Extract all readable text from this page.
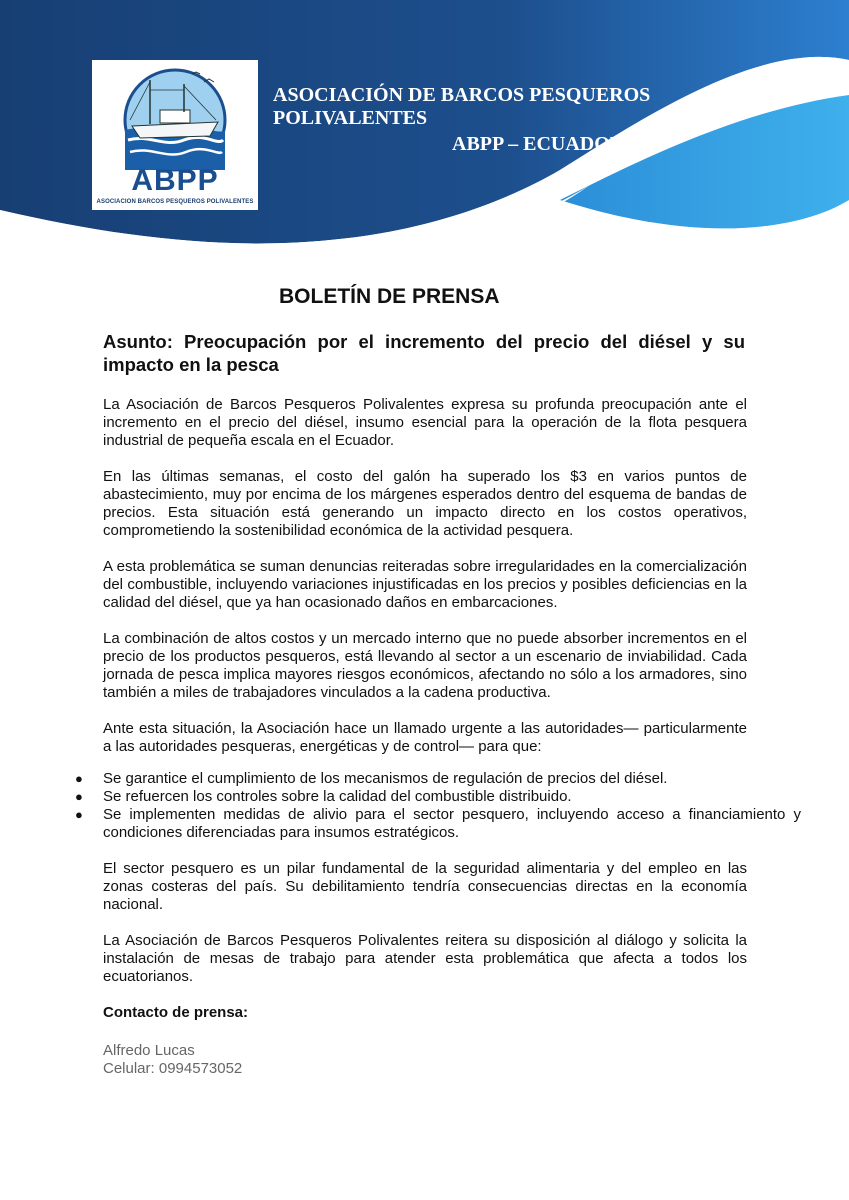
ABPP
ASOCIACION BARCOS PESQUEROS POLIVALENTES
ASOCIACIÓN DE BARCOS PESQUEROS POLIVALENTES
ABPP – ECUADOR
BOLETÍN DE PRENSA
Asunto: Preocupación por el incremento del precio del diésel y su impacto en la pesca

La Asociación de Barcos Pesqueros Polivalentes expresa su profunda preocupación ante el incremento en el precio del diésel, insumo esencial para la operación de la flota pesquera industrial de pequeña escala en el Ecuador.

En las últimas semanas, el costo del galón ha superado los $3 en varios puntos de abastecimiento, muy por encima de los márgenes esperados dentro del esquema de bandas de precios. Esta situación está generando un impacto directo en los costos operativos, comprometiendo la sostenibilidad económica de la actividad pesquera.

A esta problemática se suman denuncias reiteradas sobre irregularidades en la comercialización del combustible, incluyendo variaciones injustificadas en los precios y posibles deficiencias en la calidad del diésel, que ya han ocasionado daños en embarcaciones.

La combinación de altos costos y un mercado interno que no puede absorber incrementos en el precio de los productos pesqueros, está llevando al sector a un escenario de inviabilidad. Cada jornada de pesca implica mayores riesgos económicos, afectando no sólo a los armadores, sino también a miles de trabajadores vinculados a la cadena productiva.

Ante esta situación, la Asociación hace un llamado urgente a las autoridades— particularmente a las autoridades pesqueras, energéticas y de control— para que:

● Se garantice el cumplimiento de los mecanismos de regulación de precios del diésel.
● Se refuercen los controles sobre la calidad del combustible distribuido.
● Se implementen medidas de alivio para el sector pesquero, incluyendo acceso a financiamiento y condiciones diferenciadas para insumos estratégicos.

El sector pesquero es un pilar fundamental de la seguridad alimentaria y del empleo en las zonas costeras del país. Su debilitamiento tendría consecuencias directas en la economía nacional.

La Asociación de Barcos Pesqueros Polivalentes reitera su disposición al diálogo y solicita la instalación de mesas de trabajo para atender esta problemática que afecta a todos los ecuatorianos.

Contacto de prensa:
Alfredo Lucas
Celular: 0994573052
